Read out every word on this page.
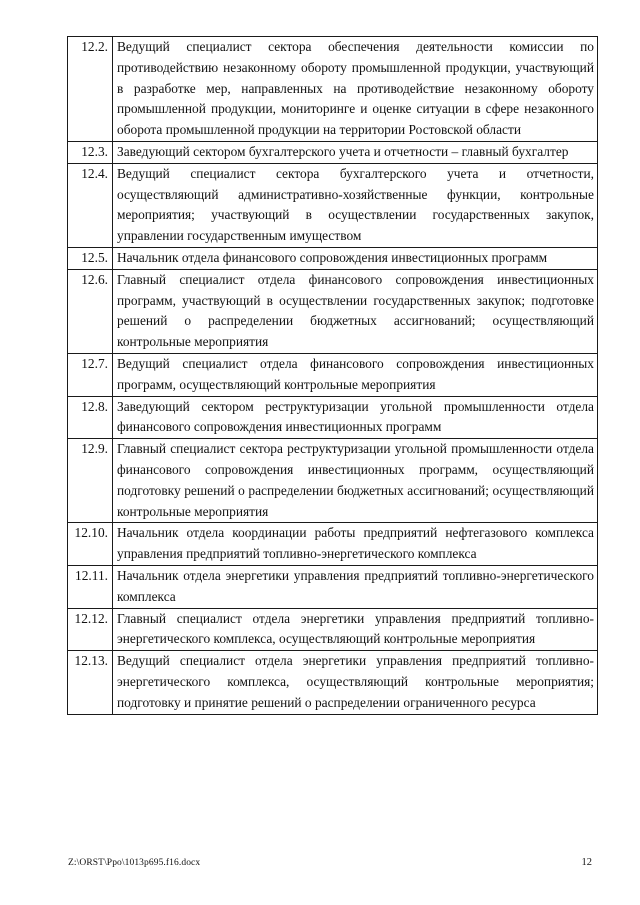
12.2.	Ведущий специалист сектора обеспечения деятельности комиссии по противодействию незаконному обороту промышленной продукции, участвующий в разработке мер, направленных на противодействие незаконному обороту промышленной продукции, мониторинге и оценке ситуации в сфере незаконного оборота промышленной продукции на территории Ростовской области
12.3.	Заведующий сектором бухгалтерского учета и отчетности – главный бухгалтер
12.4.	Ведущий специалист сектора бухгалтерского учета и отчетности, осуществляющий административно-хозяйственные функции, контрольные мероприятия; участвующий в осуществлении государственных закупок, управлении государственным имуществом
12.5.	Начальник отдела финансового сопровождения инвестиционных программ
12.6.	Главный специалист отдела финансового сопровождения инвестиционных программ, участвующий в осуществлении государственных закупок; подготовке решений о распределении бюджетных ассигнований; осуществляющий контрольные мероприятия
12.7.	Ведущий специалист отдела финансового сопровождения инвестиционных программ, осуществляющий контрольные мероприятия
12.8.	Заведующий сектором реструктуризации угольной промышленности отдела финансового сопровождения инвестиционных программ
12.9.	Главный специалист сектора реструктуризации угольной промышленности отдела финансового сопровождения инвестиционных программ, осуществляющий подготовку решений о распределении бюджетных ассигнований; осуществляющий контрольные мероприятия
12.10.	Начальник отдела координации работы предприятий нефтегазового комплекса управления предприятий топливно-энергетического комплекса
12.11.	Начальник отдела энергетики управления предприятий топливно-энергетического комплекса
12.12.	Главный специалист отдела энергетики управления предприятий топливно-энергетического комплекса, осуществляющий контрольные мероприятия
12.13.	Ведущий специалист отдела энергетики управления предприятий топливно-энергетического комплекса, осуществляющий контрольные мероприятия; подготовку и принятие решений о распределении ограниченного ресурса
Z:\ORST\Ppo\1013p695.f16.docx	12
